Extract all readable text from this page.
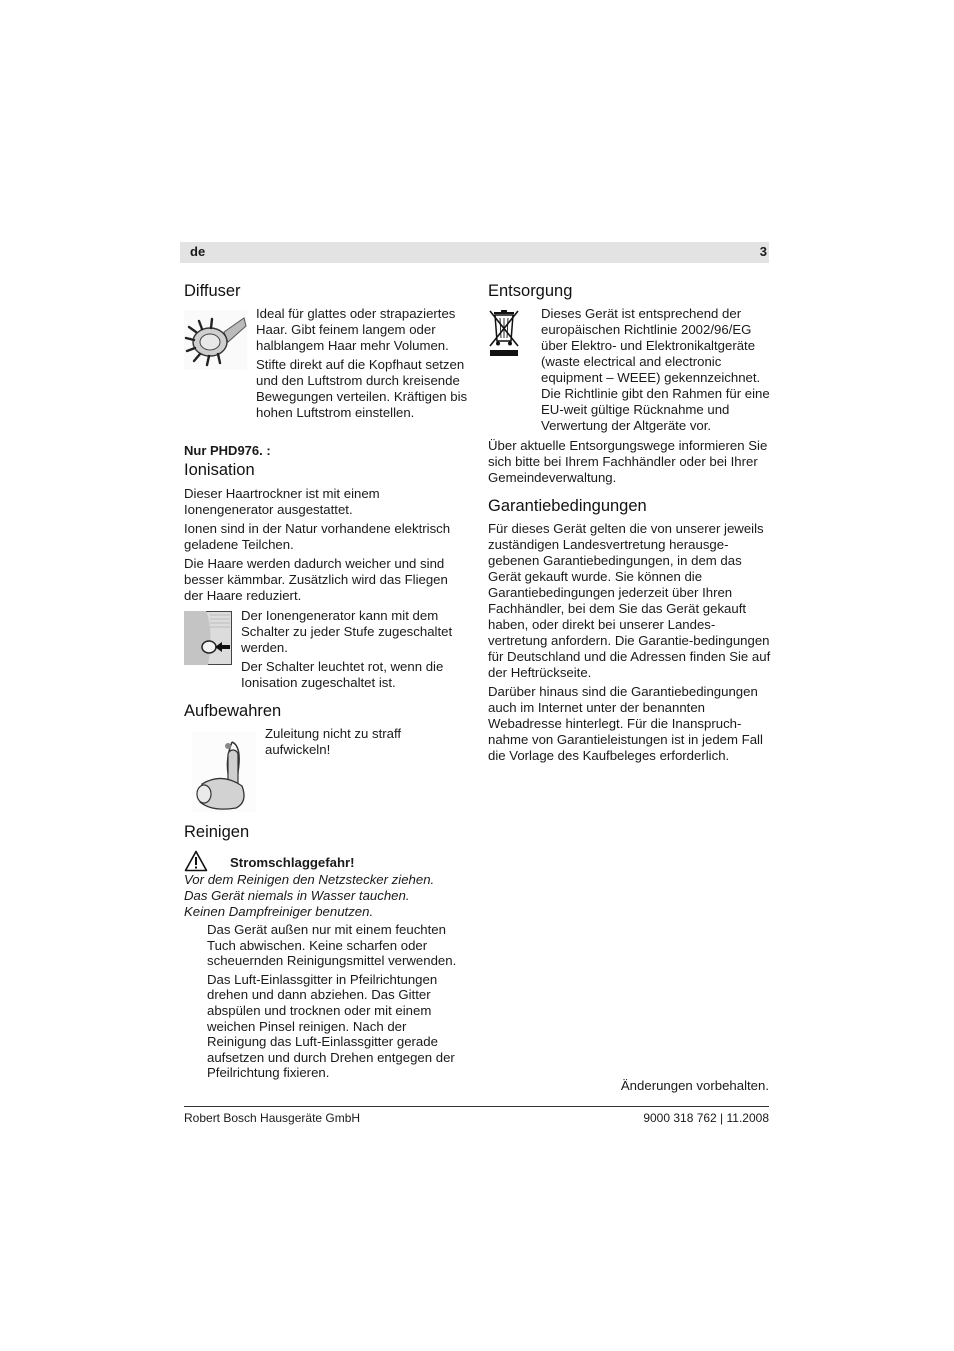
de	3
Diffuser

Ideal für glattes oder strapaziertes Haar. Gibt feinem langem oder halblangem Haar mehr Volumen.

Stifte direkt auf die Kopfhaut setzen und den Luftstrom durch kreisende Bewegungen verteilen. Kräftigen bis hohen Luftstrom einstellen.

Nur PHD976. :
Ionisation

Dieser Haartrockner ist mit einem Ionengenerator ausgestattet.

Ionen sind in der Natur vorhandene elektrisch geladene Teilchen.

Die Haare werden dadurch weicher und sind besser kämmbar. Zusätzlich wird das Fliegen der Haare reduziert.

Der Ionengenerator kann mit dem Schalter zu jeder Stufe zugeschaltet werden.

Der Schalter leuchtet rot, wenn die Ionisation zugeschaltet ist.

Aufbewahren

Zuleitung nicht zu straff aufwickeln!

Reinigen
Stromschlaggefahr!
Vor dem Reinigen den Netzstecker ziehen.
Das Gerät niemals in Wasser tauchen.
Keinen Dampfreiniger benutzen.

Das Gerät außen nur mit einem feuchten Tuch abwischen. Keine scharfen oder scheuernden Reinigungsmittel verwenden.

Das Luft-Einlassgitter in Pfeilrichtungen drehen und dann abziehen. Das Gitter abspülen und trocknen oder mit einem weichen Pinsel reinigen. Nach der Reinigung das Luft-Einlassgitter gerade aufsetzen und durch Drehen entgegen der Pfeilrichtung fixieren.

Entsorgung

Dieses Gerät ist entsprechend der europäischen Richtlinie 2002/96/EG über Elektro- und Elektronikaltgeräte (waste electrical and electronic equipment – WEEE) gekennzeichnet. Die Richtlinie gibt den Rahmen für eine EU-weit gültige Rücknahme und Verwertung der Altgeräte vor.

Über aktuelle Entsorgungswege informieren Sie sich bitte bei Ihrem Fachhändler oder bei Ihrer Gemeindeverwaltung.

Garantiebedingungen

Für dieses Gerät gelten die von unserer jeweils zuständigen Landesvertretung herausge-gebenen Garantiebedingungen, in dem das Gerät gekauft wurde. Sie können die Garantiebedingungen jederzeit über Ihren Fachhändler, bei dem Sie das Gerät gekauft haben, oder direkt bei unserer Landes-vertretung anfordern. Die Garantie-bedingungen für Deutschland und die Adressen finden Sie auf der Heftrückseite.

Darüber hinaus sind die Garantiebedingungen auch im Internet unter der benannten Webadresse hinterlegt. Für die Inanspruch-nahme von Garantieleistungen ist in jedem Fall die Vorlage des Kaufbeleges erforderlich.

Änderungen vorbehalten.
Robert Bosch Hausgeräte GmbH	9000 318 762 | 11.2008
